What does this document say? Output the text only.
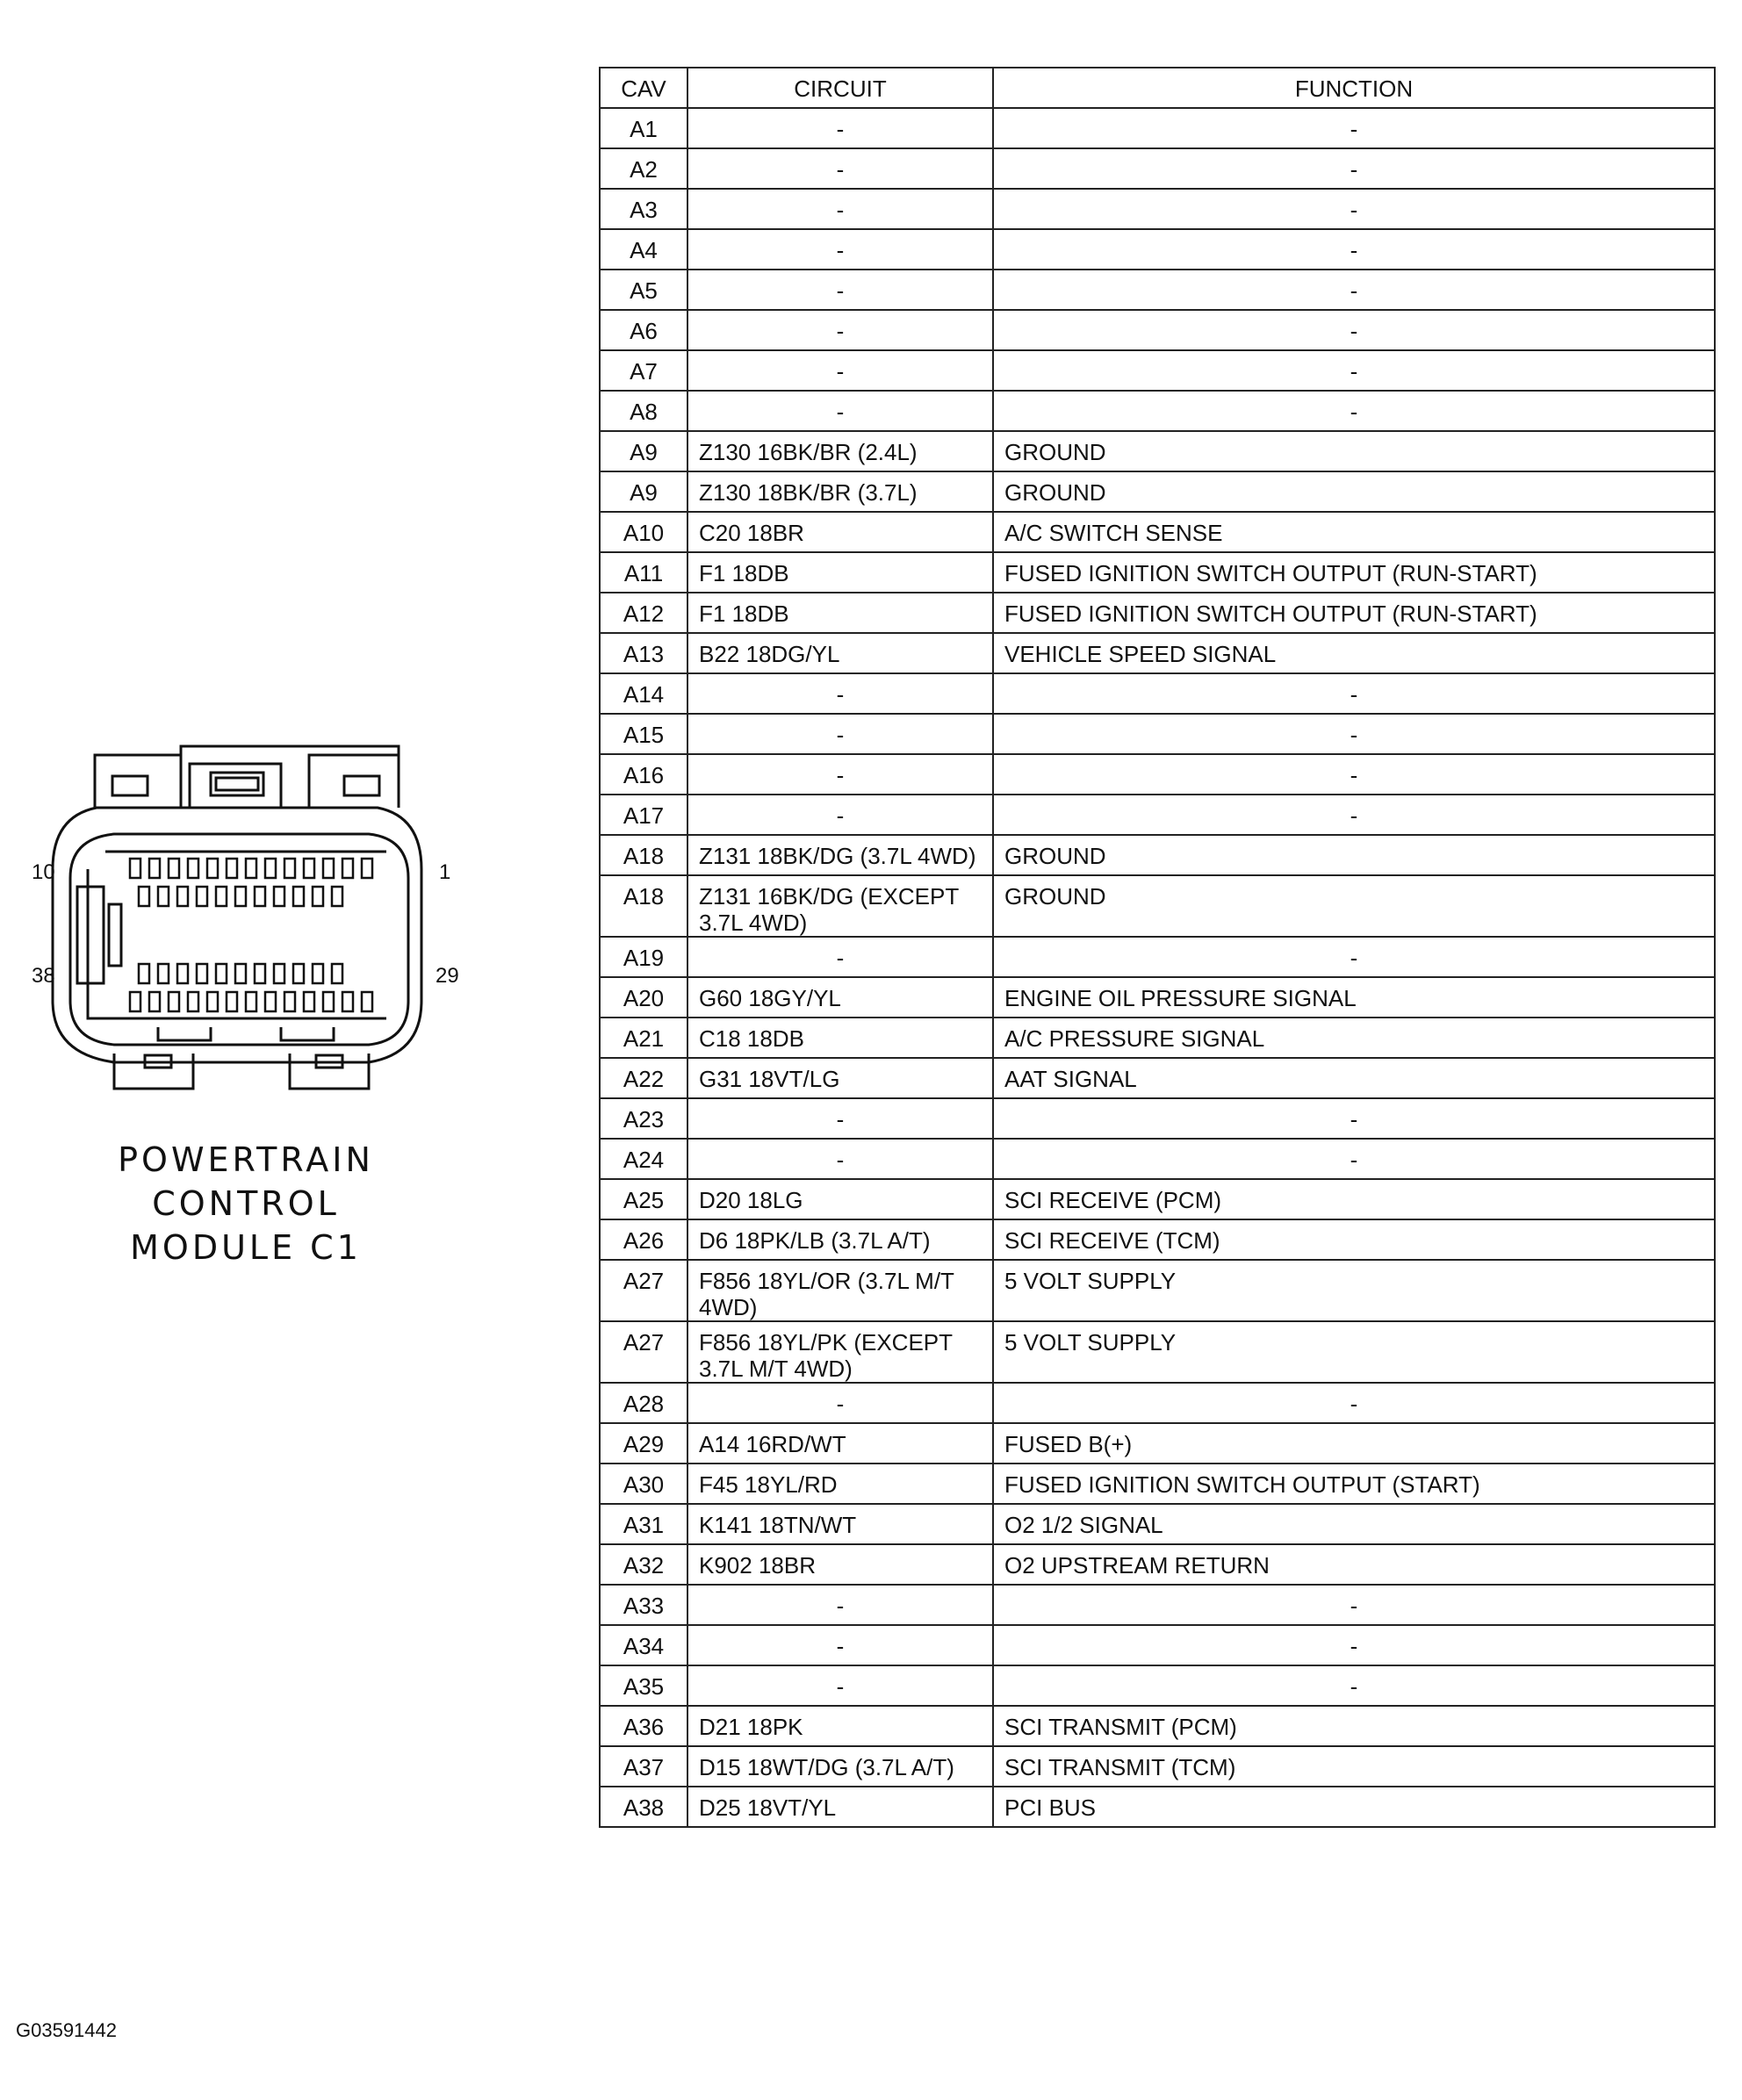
10	1
38	29
POWERTRAIN
CONTROL
MODULE C1
G03591442
CAV	CIRCUIT	FUNCTION
A1	-	-
A2	-	-
A3	-	-
A4	-	-
A5	-	-
A6	-	-
A7	-	-
A8	-	-
A9	Z130 16BK/BR (2.4L)	GROUND
A9	Z130 18BK/BR (3.7L)	GROUND
A10	C20 18BR	A/C SWITCH SENSE
A11	F1 18DB	FUSED IGNITION SWITCH OUTPUT (RUN-START)
A12	F1 18DB	FUSED IGNITION SWITCH OUTPUT (RUN-START)
A13	B22 18DG/YL	VEHICLE SPEED SIGNAL
A14	-	-
A15	-	-
A16	-	-
A17	-	-
A18	Z131 18BK/DG (3.7L 4WD)	GROUND
A18	Z131 16BK/DG (EXCEPT 3.7L 4WD)	GROUND
A19	-	-
A20	G60 18GY/YL	ENGINE OIL PRESSURE SIGNAL
A21	C18 18DB	A/C PRESSURE SIGNAL
A22	G31 18VT/LG	AAT SIGNAL
A23	-	-
A24	-	-
A25	D20 18LG	SCI RECEIVE (PCM)
A26	D6 18PK/LB (3.7L A/T)	SCI RECEIVE (TCM)
A27	F856 18YL/OR (3.7L M/T 4WD)	5 VOLT SUPPLY
A27	F856 18YL/PK (EXCEPT 3.7L M/T 4WD)	5 VOLT SUPPLY
A28	-	-
A29	A14 16RD/WT	FUSED B(+)
A30	F45 18YL/RD	FUSED IGNITION SWITCH OUTPUT (START)
A31	K141 18TN/WT	O2 1/2 SIGNAL
A32	K902 18BR	O2 UPSTREAM RETURN
A33	-	-
A34	-	-
A35	-	-
A36	D21 18PK	SCI TRANSMIT (PCM)
A37	D15 18WT/DG (3.7L A/T)	SCI TRANSMIT (TCM)
A38	D25 18VT/YL	PCI BUS
